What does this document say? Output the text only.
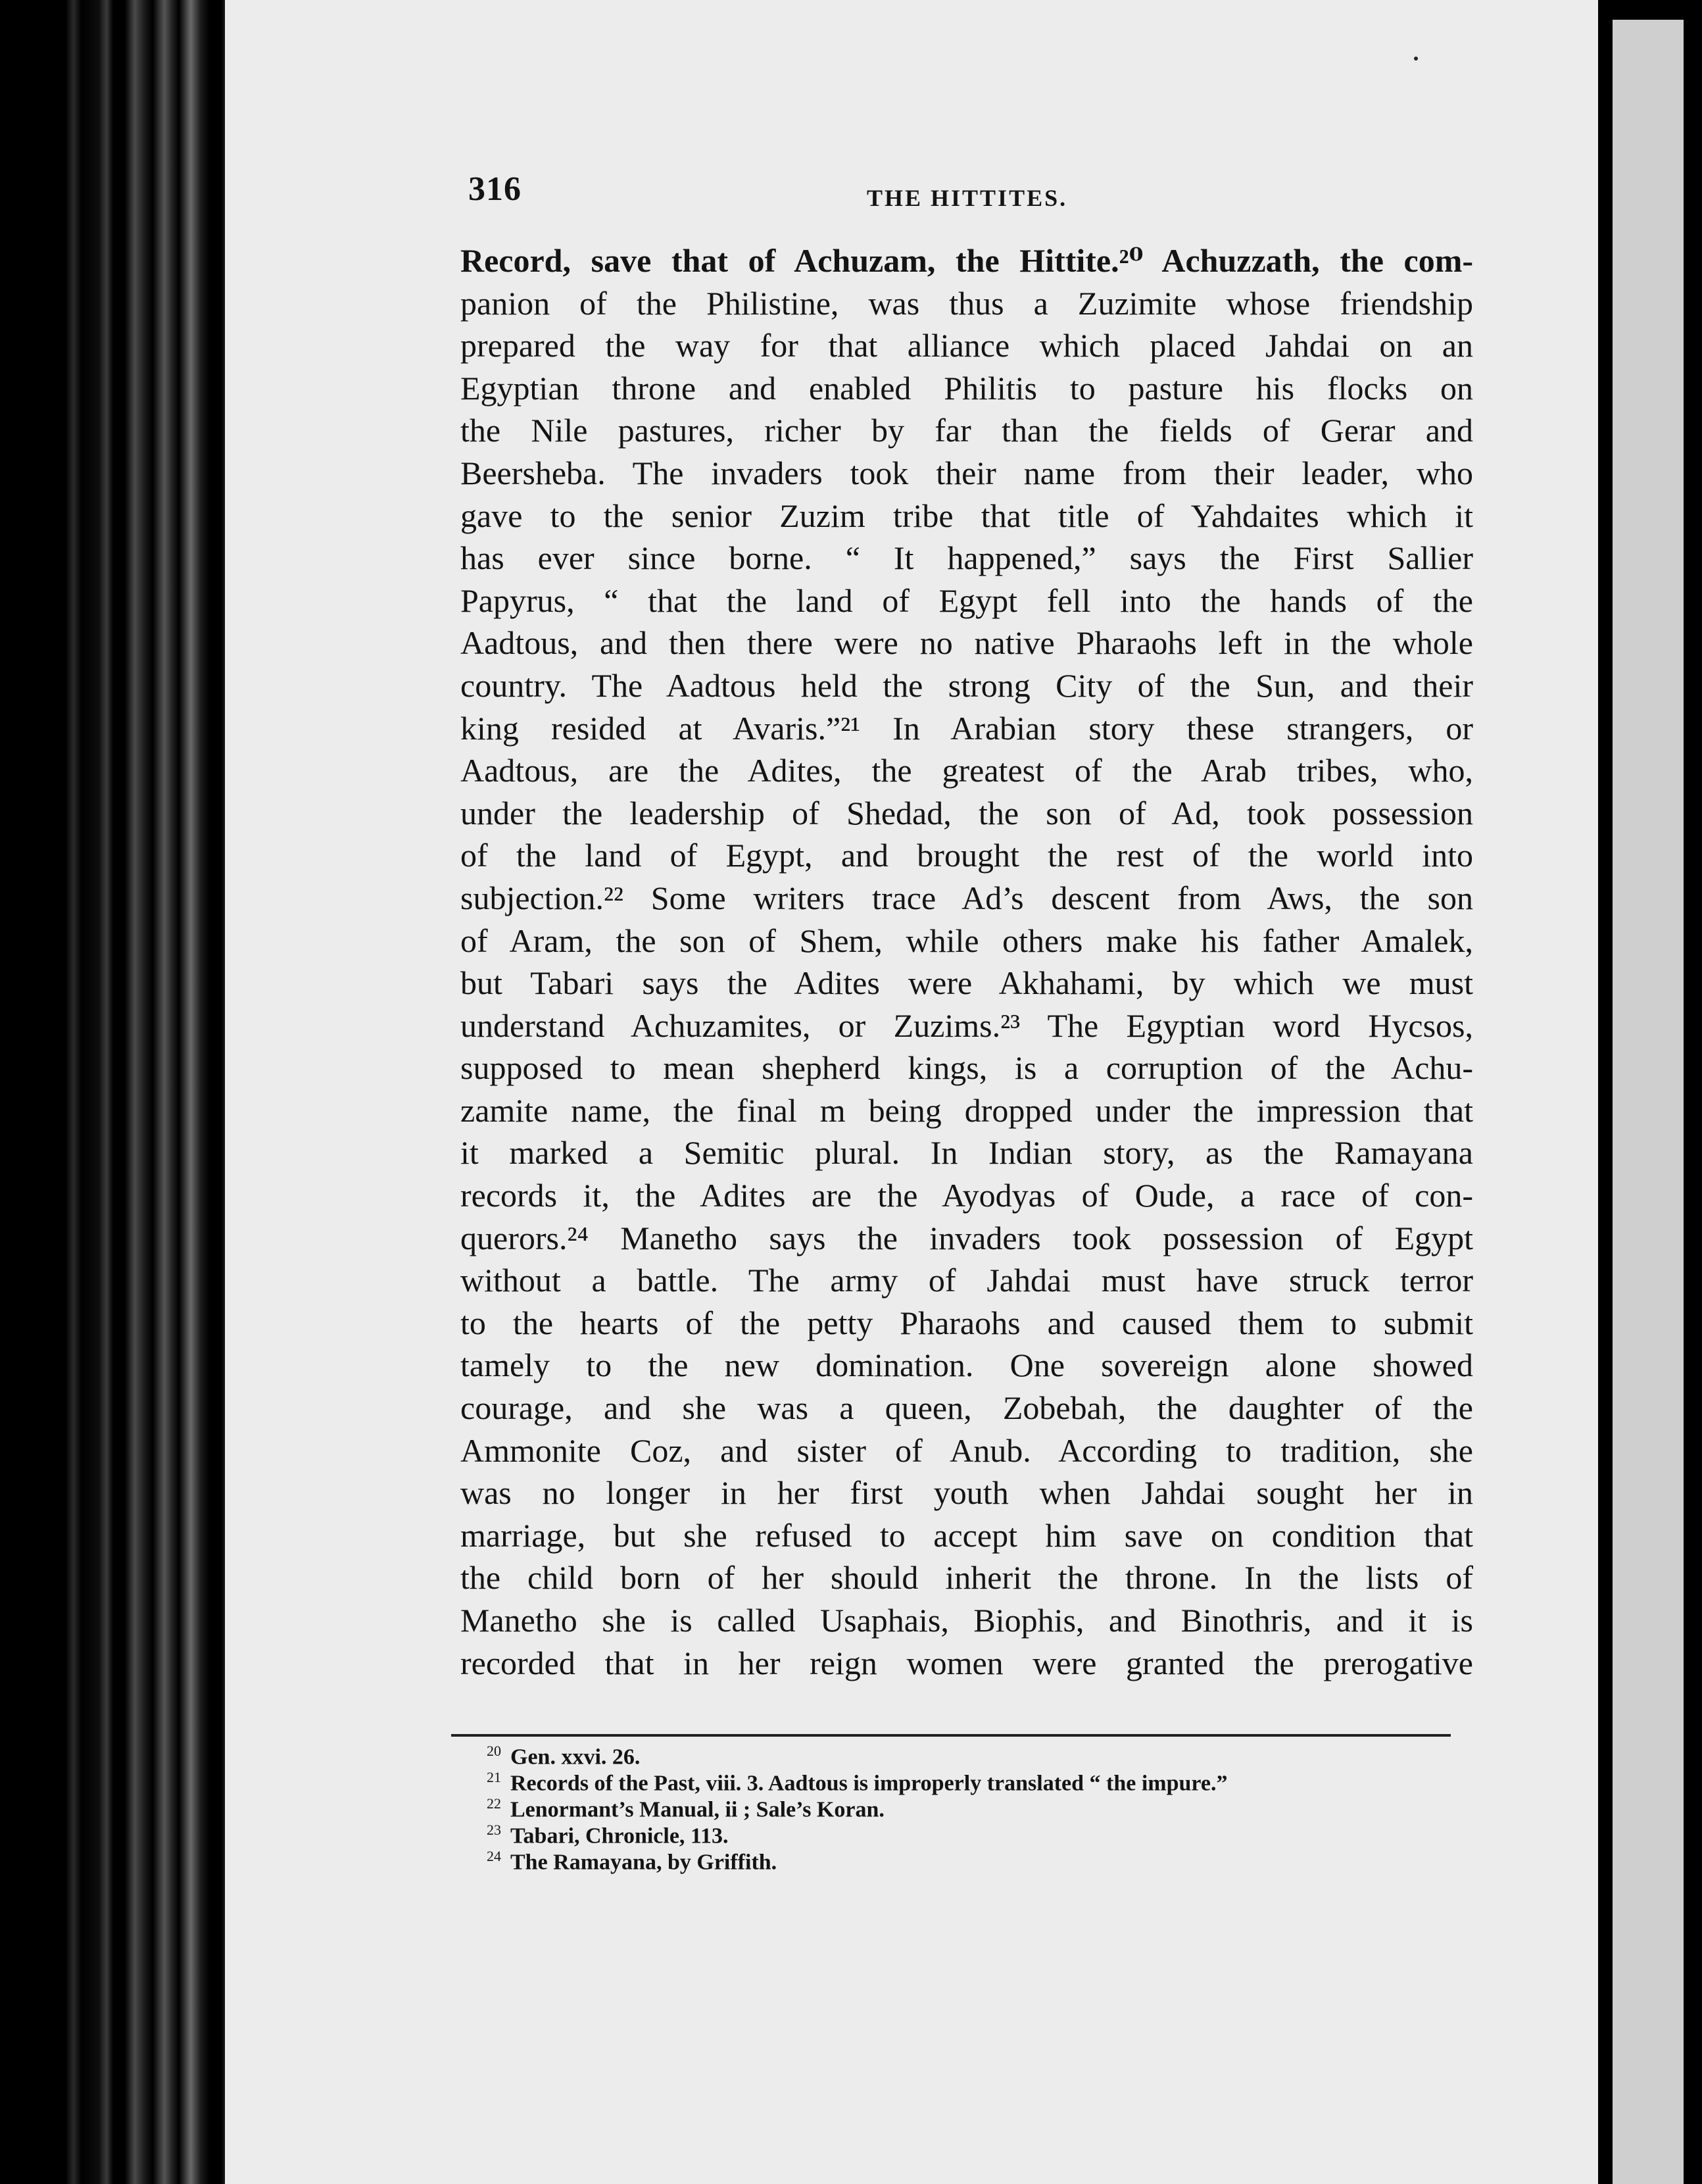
316	THE HITTITES.
Record, save that of Achuzam, the Hittite.²⁰ Achuzzath, the com-
panion of the Philistine, was thus a Zuzimite whose friendship
prepared the way for that alliance which placed Jahdai on an
Egyptian throne and enabled Philitis to pasture his flocks on
the Nile pastures, richer by far than the fields of Gerar and
Beersheba. The invaders took their name from their leader, who
gave to the senior Zuzim tribe that title of Yahdaites which it
has ever since borne. “ It happened,” says the First Sallier
Papyrus, “ that the land of Egypt fell into the hands of the
Aadtous, and then there were no native Pharaohs left in the whole
country. The Aadtous held the strong City of the Sun, and their
king resided at Avaris.”²¹ In Arabian story these strangers, or
Aadtous, are the Adites, the greatest of the Arab tribes, who,
under the leadership of Shedad, the son of Ad, took possession
of the land of Egypt, and brought the rest of the world into
subjection.²² Some writers trace Ad’s descent from Aws, the son
of Aram, the son of Shem, while others make his father Amalek,
but Tabari says the Adites were Akhahami, by which we must
understand Achuzamites, or Zuzims.²³ The Egyptian word Hycsos,
supposed to mean shepherd kings, is a corruption of the Achu-
zamite name, the final m being dropped under the impression that
it marked a Semitic plural. In Indian story, as the Ramayana
records it, the Adites are the Ayodyas of Oude, a race of con-
querors.²⁴ Manetho says the invaders took possession of Egypt
without a battle. The army of Jahdai must have struck terror
to the hearts of the petty Pharaohs and caused them to submit
tamely to the new domination. One sovereign alone showed
courage, and she was a queen, Zobebah, the daughter of the
Ammonite Coz, and sister of Anub. According to tradition, she
was no longer in her first youth when Jahdai sought her in
marriage, but she refused to accept him save on condition that
the child born of her should inherit the throne. In the lists of
Manetho she is called Usaphais, Biophis, and Binothris, and it is
recorded that in her reign women were granted the prerogative
$^{20}$ Gen. xxvi. 26.
$^{21}$ Records of the Past, viii. 3. Aadtous is improperly translated “ the impure.”
$^{22}$ Lenormant’s Manual, ii ; Sale’s Koran.
$^{23}$ Tabari, Chronicle, 113.
$^{24}$ The Ramayana, by Griffith.
